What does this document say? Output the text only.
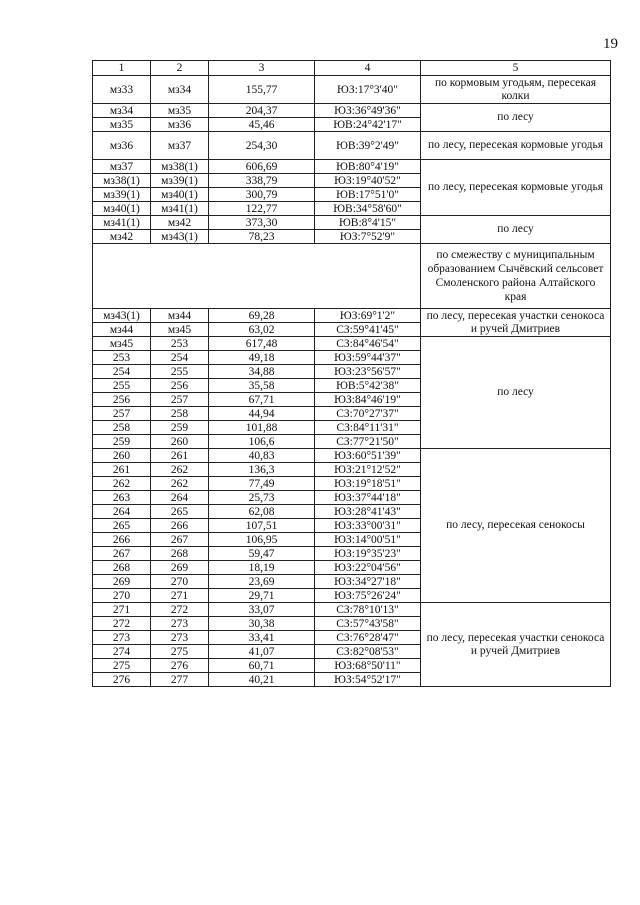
19
1	2	3	4	5
мз33	мз34	155,77	ЮЗ:17°3'40"	по кормовым угодьям, пересекая колки
мз34	мз35	204,37	ЮЗ:36°49'36"	по лесу
мз35	мз36	45,46	ЮВ:24°42'17"	
мз36	мз37	254,30	ЮВ:39°2'49"	по лесу, пересекая кормовые угодья
мз37	мз38(1)	606,69	ЮВ:80°4'19"	по лесу, пересекая кормовые угодья
мз38(1)	мз39(1)	338,79	ЮЗ:19°40'52"	
мз39(1)	мз40(1)	300,79	ЮВ:17°51'0"	
мз40(1)	мз41(1)	122,77	ЮВ:34°58'60"	
мз41(1)	мз42	373,30	ЮВ:8°4'15"	по лесу
мз42	мз43(1)	78,23	ЮЗ:7°52'9"	
				по смежеству с муниципальным образованием Сычёвский сельсовет Смоленского района Алтайского края
мз43(1)	мз44	69,28	ЮЗ:69°1'2"	по лесу, пересекая участки сенокоса и ручей Дмитриев
мз44	мз45	63,02	СЗ:59°41'45"	
мз45	253	617,48	СЗ:84°46'54"	по лесу
253	254	49,18	ЮЗ:59°44'37"	
254	255	34,88	ЮЗ:23°56'57"	
255	256	35,58	ЮВ:5°42'38"	
256	257	67,71	ЮЗ:84°46'19"	
257	258	44,94	СЗ:70°27'37"	
258	259	101,88	СЗ:84°11'31"	
259	260	106,6	СЗ:77°21'50"	
260	261	40,83	ЮЗ:60°51'39"	по лесу, пересекая сенокосы
261	262	136,3	ЮЗ:21°12'52"	
262	262	77,49	ЮЗ:19°18'51"	
263	264	25,73	ЮЗ:37°44'18"	
264	265	62,08	ЮЗ:28°41'43"	
265	266	107,51	ЮЗ:33°00'31"	
266	267	106,95	ЮЗ:14°00'51"	
267	268	59,47	ЮЗ:19°35'23"	
268	269	18,19	ЮЗ:22°04'56"	
269	270	23,69	ЮЗ:34°27'18"	
270	271	29,71	ЮЗ:75°26'24"	
271	272	33,07	СЗ:78°10'13"	по лесу, пересекая участки сенокоса и ручей Дмитриев
272	273	30,38	СЗ:57°43'58"	
273	273	33,41	СЗ:76°28'47"	
274	275	41,07	СЗ:82°08'53"	
275	276	60,71	ЮЗ:68°50'11"	
276	277	40,21	ЮЗ:54°52'17"	
